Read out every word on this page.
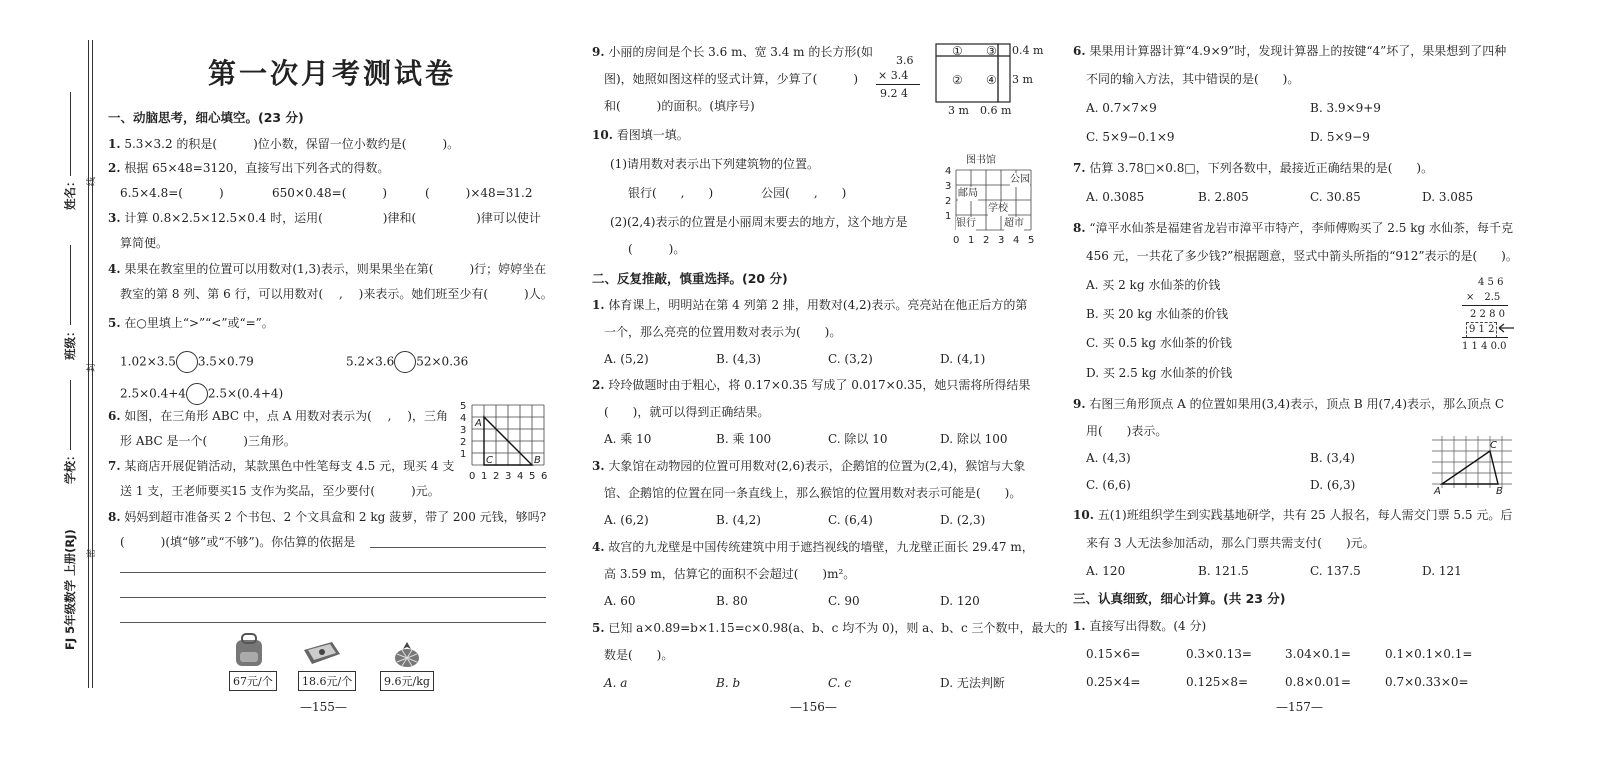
姓名：	线
班级：
封
学校：
密
FJ 5年级数学 上册(RJ)
第一次月考测试卷
一、动脑思考，细心填空。(23 分)
1. 5.3×3.2 的积是(　　　)位小数，保留一位小数约是(　　　)。
2. 根据 65×48=3120，直接写出下列各式的得数。
6.5×4.8=(　　　)	650×0.48=(　　　)	(　　　)×48=31.2
3. 计算 0.8×2.5×12.5×0.4 时，运用(　　　　　)律和(　　　　　)律可以使计
算简便。
4. 果果在教室里的位置可以用数对(1,3)表示，则果果坐在第(　　　)行；婷婷坐在
教室的第 8 列、第 6 行，可以用数对(　 ,　 )来表示。她们班至少有(　　　)人。
5. 在○里填上“>”“<”或“=”。
1.02×3.5 3.5×0.79	5.2×3.6 52×0.36
2.5×0.4+4 2.5×(0.4+4)
6. 如图，在三角形 ABC 中，点 A 用数对表示为(　 ,　 )，三角
形 ABC 是一个(　　　)三角形。
5
4
3
2
1
0 1 2 3 4 5 6
A
C	B
7. 某商店开展促销活动，某款黑色中性笔每支 4.5 元，现买 4 支
送 1 支，王老师要买15 支作为奖品，至少要付(　　　)元。
8. 妈妈到超市准备买 2 个书包、2 个文具盒和 2 kg 菠萝，带了 200 元钱，够吗?
(　　　)(填“够”或“不够”)。你估算的依据是
67元/个	18.6元/个	9.6元/kg
—155—
9. 小丽的房间是个长 3.6 m、宽 3.4 m 的长方形(如
图)，她照如图这样的竖式计算，少算了(　　　)
和(　　　)的面积。(填序号)
3.6
× 3.4
9.2 4
① ③
② ④
0.4 m
3 m
3 m 0.6 m
10. 看图填一填。
(1)请用数对表示出下列建筑物的位置。
银行(　　,　　)　　　　公园(　　,　　)
(2)(2,4)表示的位置是小丽周末要去的地方，这个地方是
(　　　)。
4
3
2
1
0 1 2 3 4 5
图书馆
邮局
公园
学校
银行	超市
二、反复推敲，慎重选择。(20 分)
1. 体育课上，明明站在第 4 列第 2 排，用数对(4,2)表示。亮亮站在他正后方的第
一个，那么亮亮的位置用数对表示为(　　)。
A. (5,2)	B. (4,3)	C. (3,2)	D. (4,1)
2. 玲玲做题时由于粗心，将 0.17×0.35 写成了 0.017×0.35，她只需将所得结果
(　　)，就可以得到正确结果。
A. 乘 10	B. 乘 100	C. 除以 10	D. 除以 100
3. 大象馆在动物园的位置可用数对(2,6)表示，企鹅馆的位置为(2,4)，猴馆与大象
馆、企鹅馆的位置在同一条直线上，那么猴馆的位置用数对表示可能是(　　)。
A. (6,2)	B. (4,2)	C. (6,4)	D. (2,3)
4. 故宫的九龙壁是中国传统建筑中用于遮挡视线的墙壁，九龙壁正面长 29.47 m，
高 3.59 m，估算它的面积不会超过(　　)m²。
A. 60	B. 80	C. 90	D. 120
5. 已知 a×0.89=b×1.15=c×0.98(a、b、c 均不为 0)，则 a、b、c 三个数中，最大的
数是(　　)。
A. a	B. b	C. c	D. 无法判断
—156—
6. 果果用计算器计算“4.9×9”时，发现计算器上的按键“4”坏了，果果想到了四种
不同的输入方法，其中错误的是(　　)。
A. 0.7×7×9	B. 3.9×9+9
C. 5×9−0.1×9	D. 5×9−9
7. 估算 3.78□×0.8□，下列各数中，最接近正确结果的是(　　)。
A. 0.3085	B. 2.805	C. 30.85	D. 3.085
8. “漳平水仙茶是福建省龙岩市漳平市特产，李师傅购买了 2.5 kg 水仙茶，每千克
456 元，一共花了多少钱?”根据题意，竖式中箭头所指的“912”表示的是(　　)。
A. 买 2 kg 水仙茶的价钱
B. 买 20 kg 水仙茶的价钱
C. 买 0.5 kg 水仙茶的价钱
D. 买 2.5 kg 水仙茶的价钱
4 5 6
×　2.5
2 2 8 0
9 1 2
1 1 4 0.0
9. 右图三角形顶点 A 的位置如果用(3,4)表示，顶点 B 用(7,4)表示，那么顶点 C
用(　　)表示。
A. (4,3)	B. (3,4)
C. (6,6)	D. (6,3)	A
C
B
10. 五(1)班组织学生到实践基地研学，共有 25 人报名，每人需交门票 5.5 元。后
来有 3 人无法参加活动，那么门票共需支付(　　)元。
A. 120	B. 121.5	C. 137.5	D. 121
三、认真细致，细心计算。(共 23 分)
1. 直接写出得数。(4 分)
0.15×6=	0.3×0.13=	3.04×0.1=	0.1×0.1×0.1=
0.25×4=	0.125×8=	0.8×0.01=	0.7×0.33×0=
—157—
